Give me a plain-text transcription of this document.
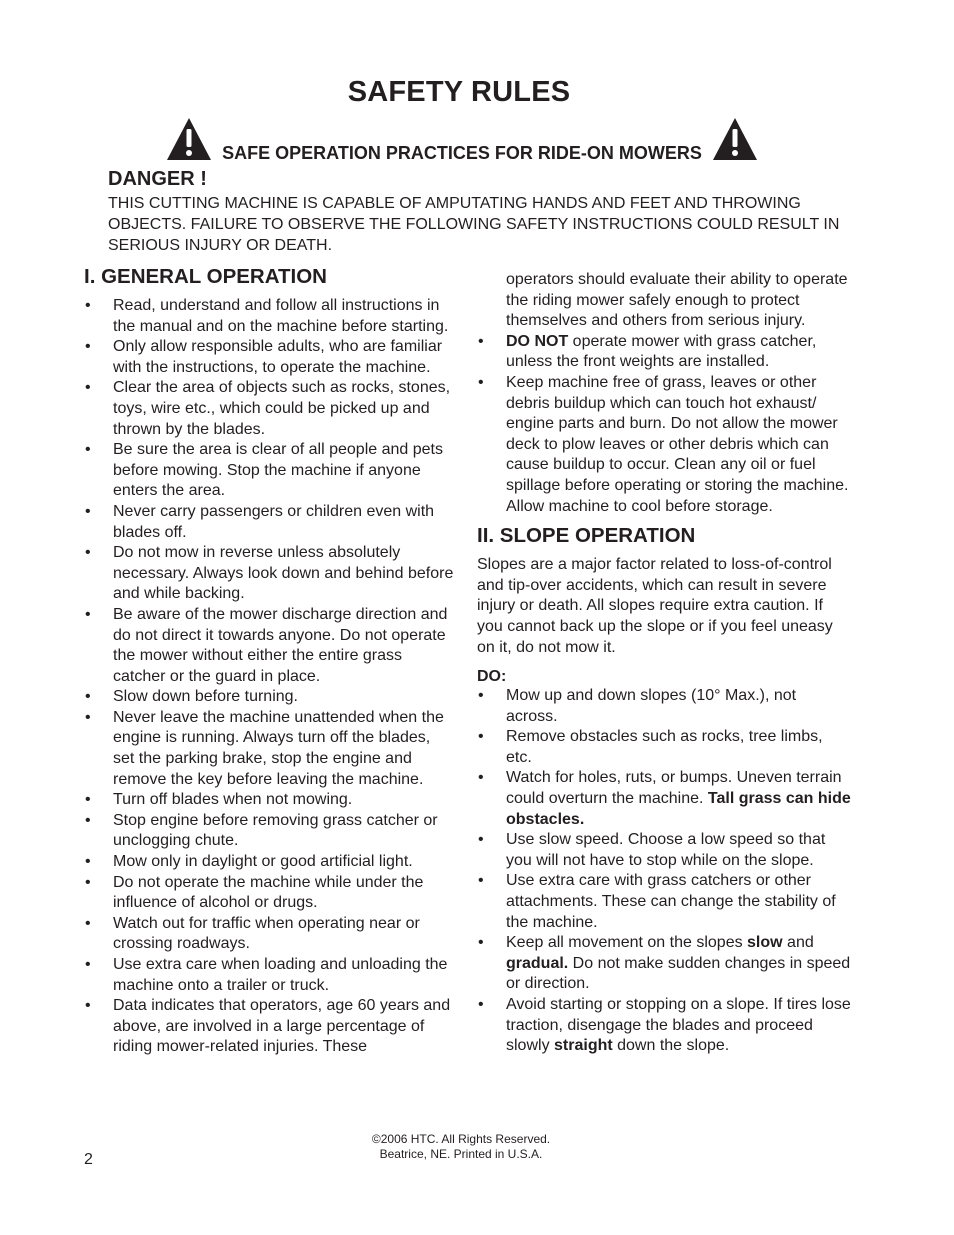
SAFETY RULES
SAFE OPERATION PRACTICES FOR RIDE-ON MOWERS
DANGER !
THIS CUTTING MACHINE IS CAPABLE OF AMPUTATING HANDS AND FEET AND THROWING OBJECTS. FAILURE TO OBSERVE THE FOLLOWING SAFETY INSTRUCTIONS COULD RESULT IN SERIOUS INJURY OR DEATH.
I. GENERAL OPERATION
• Read, understand and follow all instructions in the manual and on the machine before starting.
• Only allow responsible adults, who are familiar with the instructions, to operate the machine.
• Clear the area of objects such as rocks, stones, toys, wire etc., which could be picked up and thrown by the blades.
• Be sure the area is clear of all people and pets before mowing. Stop the machine if anyone enters the area.
• Never carry passengers or children even with blades off.
• Do not mow in reverse unless absolutely necessary. Always look down and behind before and while backing.
• Be aware of the mower discharge direction and do not direct it towards anyone. Do not operate the mower without either the entire grass catcher or the guard in place.
• Slow down before turning.
• Never leave the machine unattended when the engine is running. Always turn off the blades, set the parking brake, stop the engine and remove the key before leaving the machine.
• Turn off blades when not mowing.
• Stop engine before removing grass catcher or unclogging chute.
• Mow only in daylight or good artificial light.
• Do not operate the machine while under the influence of alcohol or drugs.
• Watch out for traffic when operating near or crossing roadways.
• Use extra care when loading and unloading the machine onto a trailer or truck.
• Data indicates that operators, age 60 years and above, are involved in a large percentage of riding mower-related injuries. These
operators should evaluate their ability to operate the riding mower safely enough to protect themselves and others from serious injury.
• DO NOT operate mower with grass catcher, unless the front weights are installed.
• Keep machine free of grass, leaves or other debris buildup which can touch hot exhaust/ engine parts and burn. Do not allow the mower deck to plow leaves or other debris which can cause buildup to occur. Clean any oil or fuel spillage before operating or storing the machine. Allow machine to cool before storage.
II. SLOPE OPERATION

Slopes are a major factor related to loss-of-control and tip-over accidents, which can result in severe injury or death. All slopes require extra caution. If you cannot back up the slope or if you feel uneasy on it, do not mow it.

DO:
• Mow up and down slopes (10° Max.), not across.
• Remove obstacles such as rocks, tree limbs, etc.
• Watch for holes, ruts, or bumps. Uneven terrain could overturn the machine. Tall grass can hide obstacles.
• Use slow speed. Choose a low speed so that you will not have to stop while on the slope.
• Use extra care with grass catchers or other attachments. These can change the stability of the machine.
• Keep all movement on the slopes slow and gradual. Do not make sudden changes in speed or direction.
• Avoid starting or stopping on a slope. If tires lose traction, disengage the blades and proceed slowly straight down the slope.
©2006 HTC. All Rights Reserved.
Beatrice, NE. Printed in U.S.A.
2
